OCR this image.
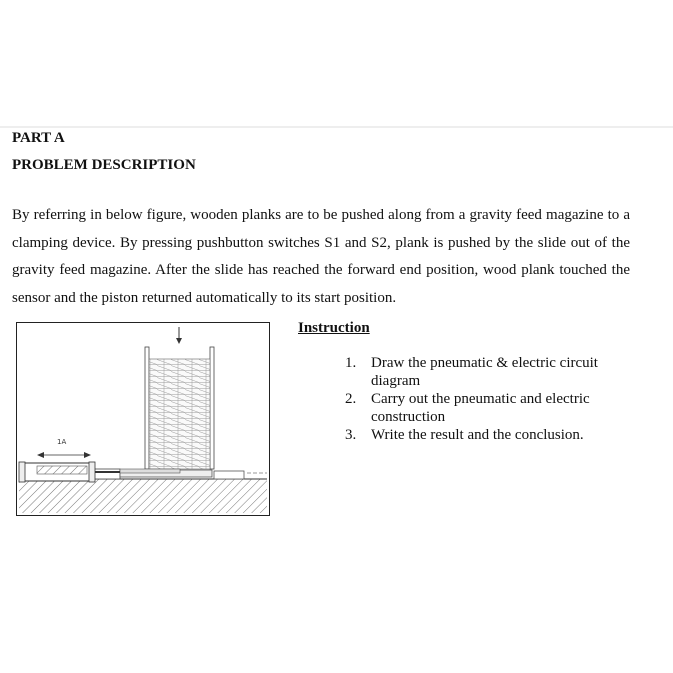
PART A
PROBLEM DESCRIPTION
By referring in below figure, wooden planks are to be pushed along from a gravity feed magazine to a clamping device. By pressing pushbutton switches S1 and S2, plank is pushed by the slide out of the gravity feed magazine. After the slide has reached the forward end position, wood plank touched the sensor and the piston returned automatically to its start position.
1A
Instruction
1. Draw the pneumatic & electric circuit diagram
2. Carry out the pneumatic and electric construction
3. Write the result and the conclusion.
